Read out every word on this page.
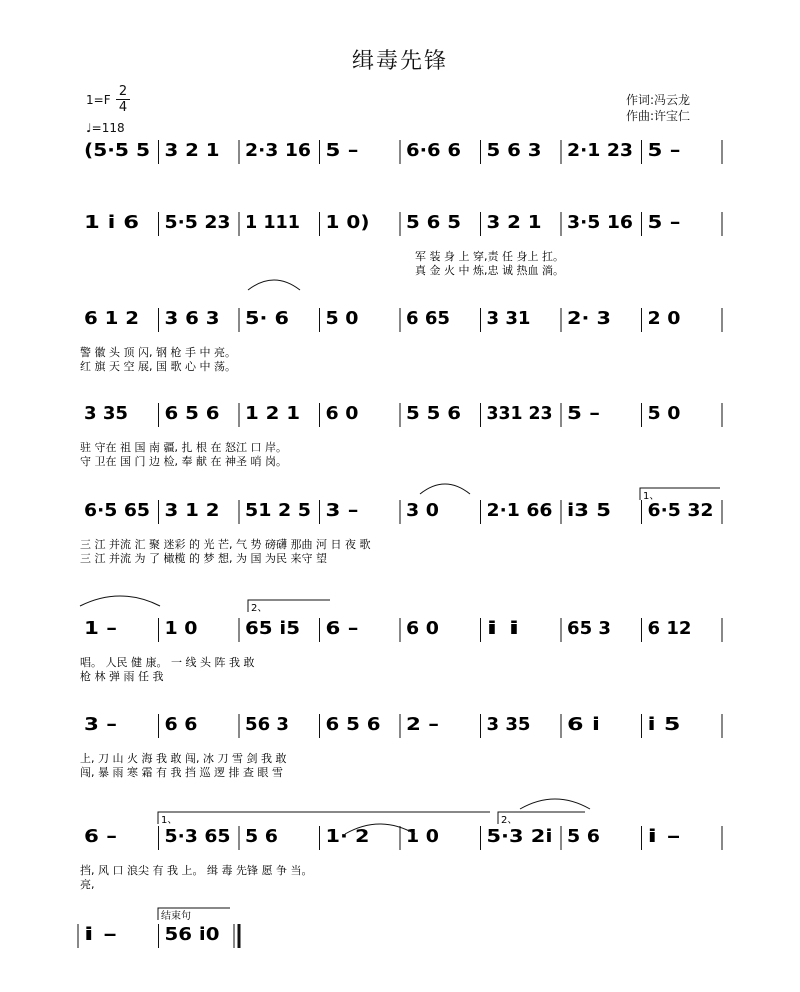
缉毒先锋
1=F
2
4
♩=118
作词:冯云龙
作曲:许宝仁
(5·5 5 3 2 1 2·3 16 5 –	6·6 6 5 6 3 2·1 23 5 –
1 i 6 5·5 23 1 111 1 0) 5 6 5 3 2 1 3·5 16 5 –
军 装 身 上 穿,责 任 身上 扛。
真 金 火 中 炼,忠 诚 热血 淌。
6 1 2 3 6 3 5· 6 5 0	6 65 3 31 2· 3 2 0
警 徽 头 顶 闪, 钢 枪 手 中 亮。
红 旗 天 空 展, 国 歌 心 中 荡。
3 35 6 5 6 1 2 1 6 0	5 5 6 331 23 5 –	5 0
驻 守在 祖 国 南 疆, 扎 根 在 怒江 口 岸。
守 卫在 国 门 边 检, 奉 献 在 神圣 哨 岗。
6·5 65 3 1 2 51 2 5 3 –	3 0	2·1 66 i3 5 6·5 32
三 江 并流 汇 聚 迷彩 的 光 芒, 气 势 磅礴 那曲 河 日 夜 歌
三 江 并流 为 了 橄榄 的 梦 想, 为 国 为民 来守 望
1 –	1 0	65 i5 6 –	6 0	i i	65 3 6 12
唱。 人民 健 康。 一 线 头 阵 我 敢
枪 林 弹 雨 任 我
3 –	6 6	56 3 6 5 6 2 –	3 35 6 i	i 5
上, 刀 山 火 海 我 敢 闯, 冰 刀 雪 剑 我 敢
闯, 暴 雨 寒 霜 有 我 挡 巡 逻 排 查 眼 雪
6 –	5·3 65 5 6	1· 2 1 0	5·3 2i 5 6	i –
挡, 风 口 浪尖 有 我 上。 缉 毒 先锋 愿 争 当。
亮,
i –	56 i0
1、
2、
1、	2、
结束句
